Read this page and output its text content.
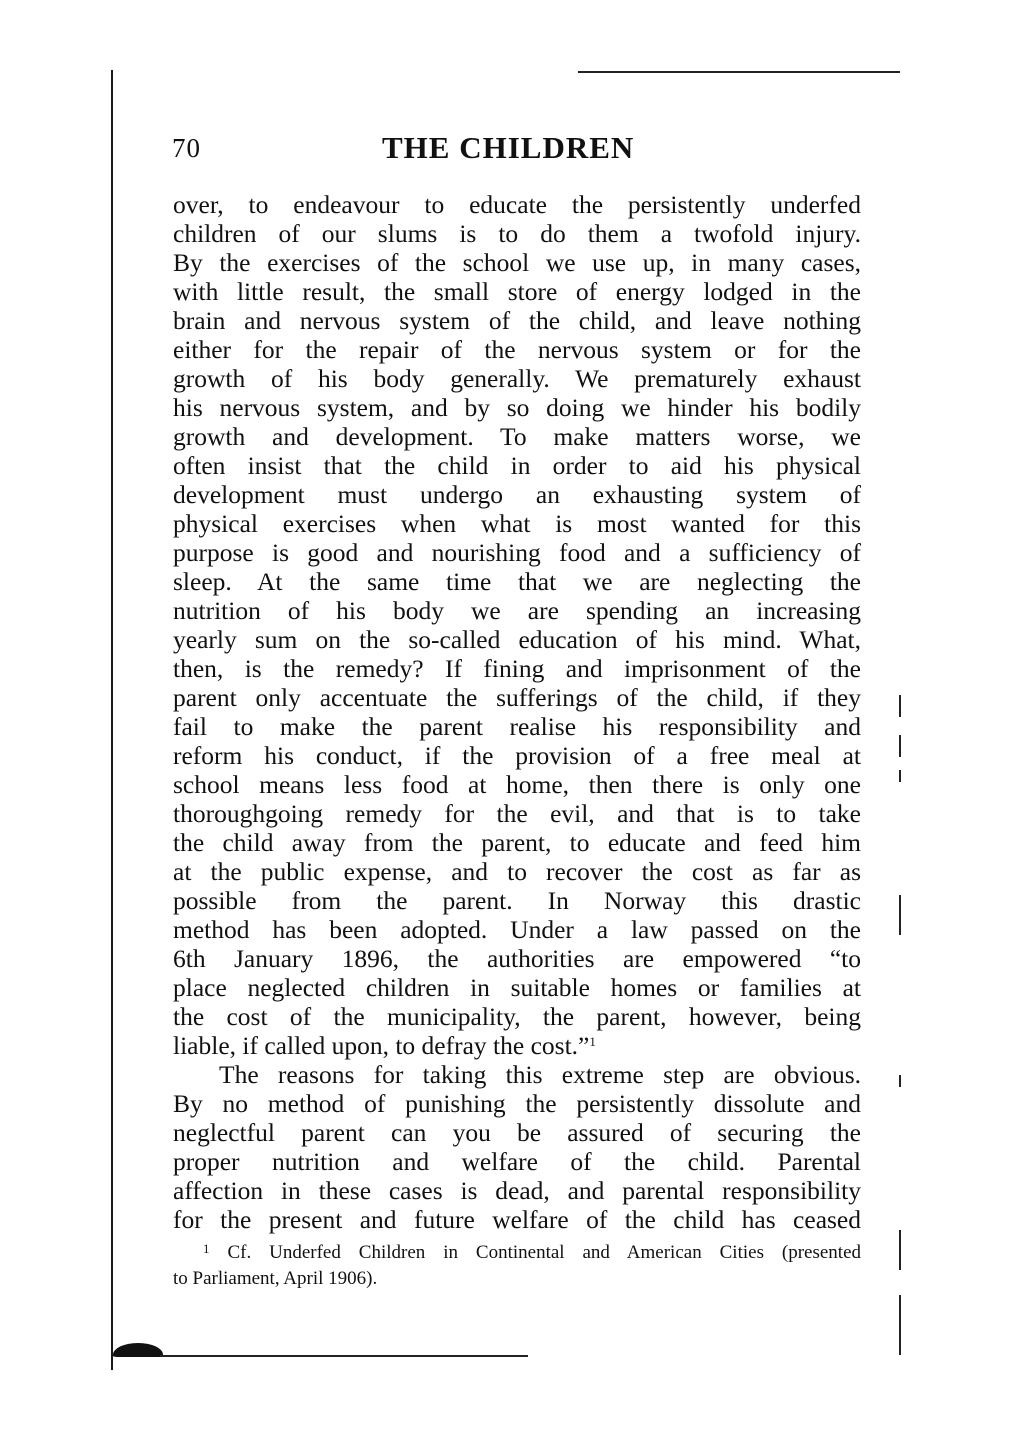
70	THE CHILDREN
over, to endeavour to educate the persistently underfed
children of our slums is to do them a twofold injury.
By the exercises of the school we use up, in many cases,
with little result, the small store of energy lodged in the
brain and nervous system of the child, and leave nothing
either for the repair of the nervous system or for the
growth of his body generally. We prematurely exhaust
his nervous system, and by so doing we hinder his bodily
growth and development. To make matters worse, we
often insist that the child in order to aid his physical
development must undergo an exhausting system of
physical exercises when what is most wanted for this
purpose is good and nourishing food and a sufficiency of
sleep. At the same time that we are neglecting the
nutrition of his body we are spending an increasing
yearly sum on the so-called education of his mind. What,
then, is the remedy? If fining and imprisonment of the
parent only accentuate the sufferings of the child, if they
fail to make the parent realise his responsibility and
reform his conduct, if the provision of a free meal at
school means less food at home, then there is only one
thoroughgoing remedy for the evil, and that is to take
the child away from the parent, to educate and feed him
at the public expense, and to recover the cost as far as
possible from the parent. In Norway this drastic
method has been adopted. Under a law passed on the
6th January 1896, the authorities are empowered “to
place neglected children in suitable homes or families at
the cost of the municipality, the parent, however, being
liable, if called upon, to defray the cost.”$^1$
The reasons for taking this extreme step are obvious.
By no method of punishing the persistently dissolute and
neglectful parent can you be assured of securing the
proper nutrition and welfare of the child. Parental
affection in these cases is dead, and parental responsibility
for the present and future welfare of the child has ceased
$^1$ Cf. Underfed Children in Continental and American Cities (presented
to Parliament, April 1906).
